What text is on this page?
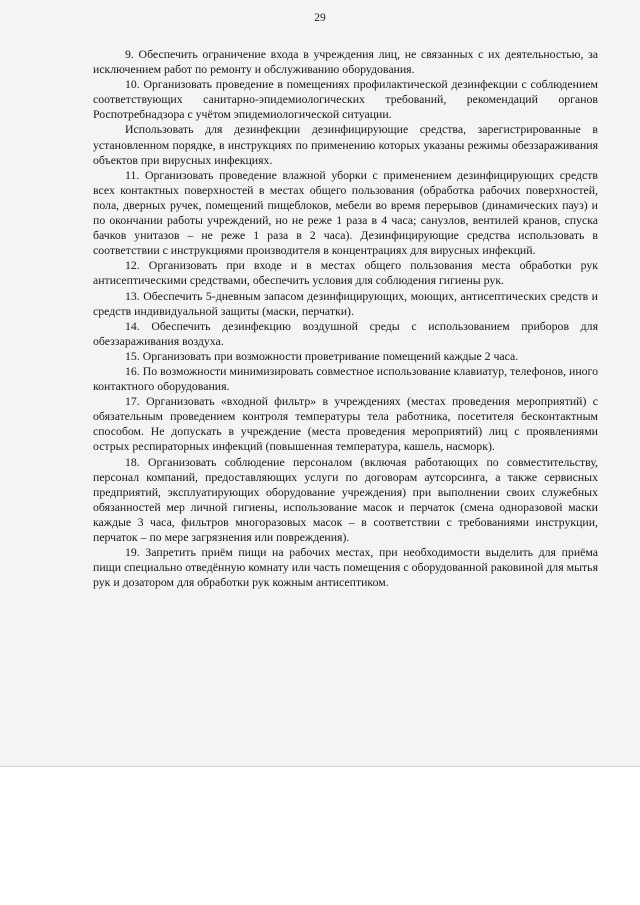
29

9. Обеспечить ограничение входа в учреждения лиц, не связанных с их деятельностью, за исключением работ по ремонту и обслуживанию оборудования.

10. Организовать проведение в помещениях профилактической дезинфекции с соблюдением соответствующих санитарно-эпидемиологических требований, рекомендаций органов Роспотребнадзора с учётом эпидемиологической ситуации.

Использовать для дезинфекции дезинфицирующие средства, зарегистрированные в установленном порядке, в инструкциях по применению которых указаны режимы обеззараживания объектов при вирусных инфекциях.

11. Организовать проведение влажной уборки с применением дезинфицирующих средств всех контактных поверхностей в местах общего пользования (обработка рабочих поверхностей, пола, дверных ручек, помещений пищеблоков, мебели во время перерывов (динамических пауз) и по окончании работы учреждений, но не реже 1 раза в 4 часа; санузлов, вентилей кранов, спуска бачков унитазов – не реже 1 раза в 2 часа). Дезинфицирующие средства использовать в соответствии с инструкциями производителя в концентрациях для вирусных инфекций.

12. Организовать при входе и в местах общего пользования места обработки рук антисептическими средствами, обеспечить условия для соблюдения гигиены рук.

13. Обеспечить 5-дневным запасом дезинфицирующих, моющих, антисептических средств и средств индивидуальной защиты (маски, перчатки).

14. Обеспечить дезинфекцию воздушной среды с использованием приборов для обеззараживания воздуха.

15. Организовать при возможности проветривание помещений каждые 2 часа.

16. По возможности минимизировать совместное использование клавиатур, телефонов, иного контактного оборудования.

17. Организовать «входной фильтр» в учреждениях (местах проведения мероприятий) с обязательным проведением контроля температуры тела работника, посетителя бесконтактным способом. Не допускать в учреждение (места проведения мероприятий) лиц с проявлениями острых респираторных инфекций (повышенная температура, кашель, насморк).

18. Организовать соблюдение персоналом (включая работающих по совместительству, персонал компаний, предоставляющих услуги по договорам аутсорсинга, а также сервисных предприятий, эксплуатирующих оборудование учреждения) при выполнении своих служебных обязанностей мер личной гигиены, использование масок и перчаток (смена одноразовой маски каждые 3 часа, фильтров многоразовых масок – в соответствии с требованиями инструкции, перчаток – по мере загрязнения или повреждения).

19. Запретить приём пищи на рабочих местах, при необходимости выделить для приёма пищи специально отведённую комнату или часть помещения с оборудованной раковиной для мытья рук и дозатором для обработки рук кожным антисептиком.
